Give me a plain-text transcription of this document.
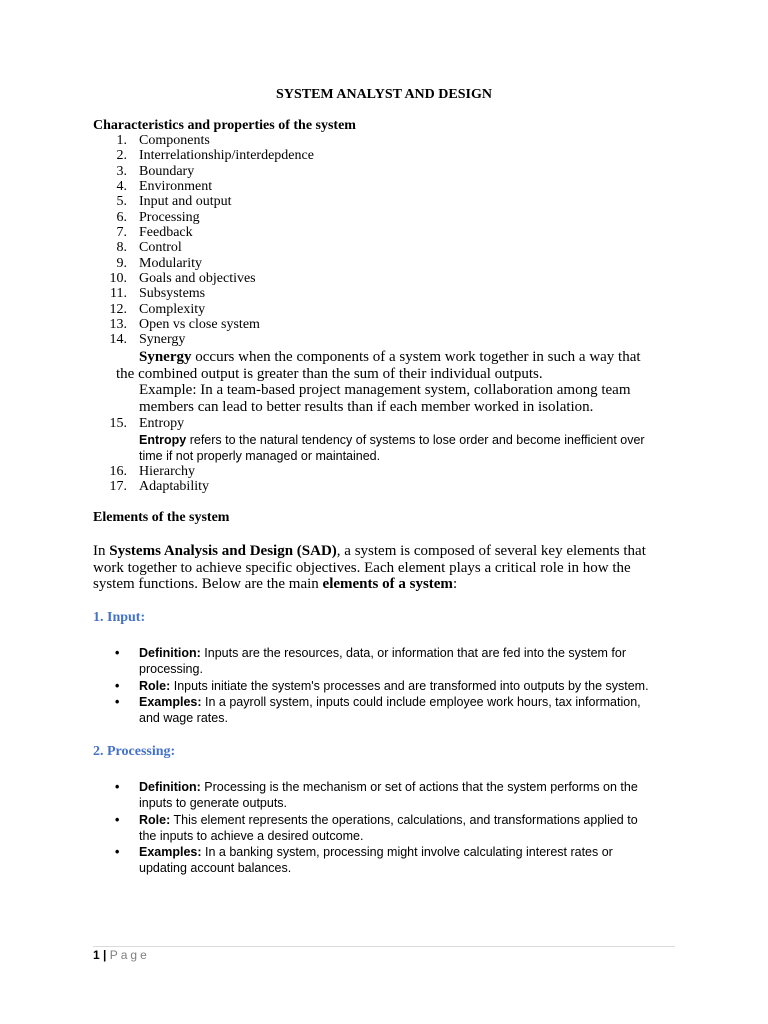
SYSTEM ANALYST AND DESIGN
Characteristics and properties of the system
1. Components
2. Interrelationship/interdepdence
3. Boundary
4. Environment
5. Input and output
6. Processing
7. Feedback
8. Control
9. Modularity
10. Goals and objectives
11. Subsystems
12. Complexity
13. Open vs close system
14. Synergy
Synergy occurs when the components of a system work together in such a way that
the combined output is greater than the sum of their individual outputs.
Example: In a team-based project management system, collaboration among team
members can lead to better results than if each member worked in isolation.
15. Entropy
Entropy refers to the natural tendency of systems to lose order and become inefficient over
time if not properly managed or maintained.
16. Hierarchy
17. Adaptability
Elements of the system
In Systems Analysis and Design (SAD), a system is composed of several key elements that
work together to achieve specific objectives. Each element plays a critical role in how the
system functions. Below are the main elements of a system:
1. Input:
• Definition: Inputs are the resources, data, or information that are fed into the system for
processing.
• Role: Inputs initiate the system's processes and are transformed into outputs by the system.
• Examples: In a payroll system, inputs could include employee work hours, tax information,
and wage rates.
2. Processing:
• Definition: Processing is the mechanism or set of actions that the system performs on the
inputs to generate outputs.
• Role: This element represents the operations, calculations, and transformations applied to
the inputs to achieve a desired outcome.
• Examples: In a banking system, processing might involve calculating interest rates or
updating account balances.
1 | Page
